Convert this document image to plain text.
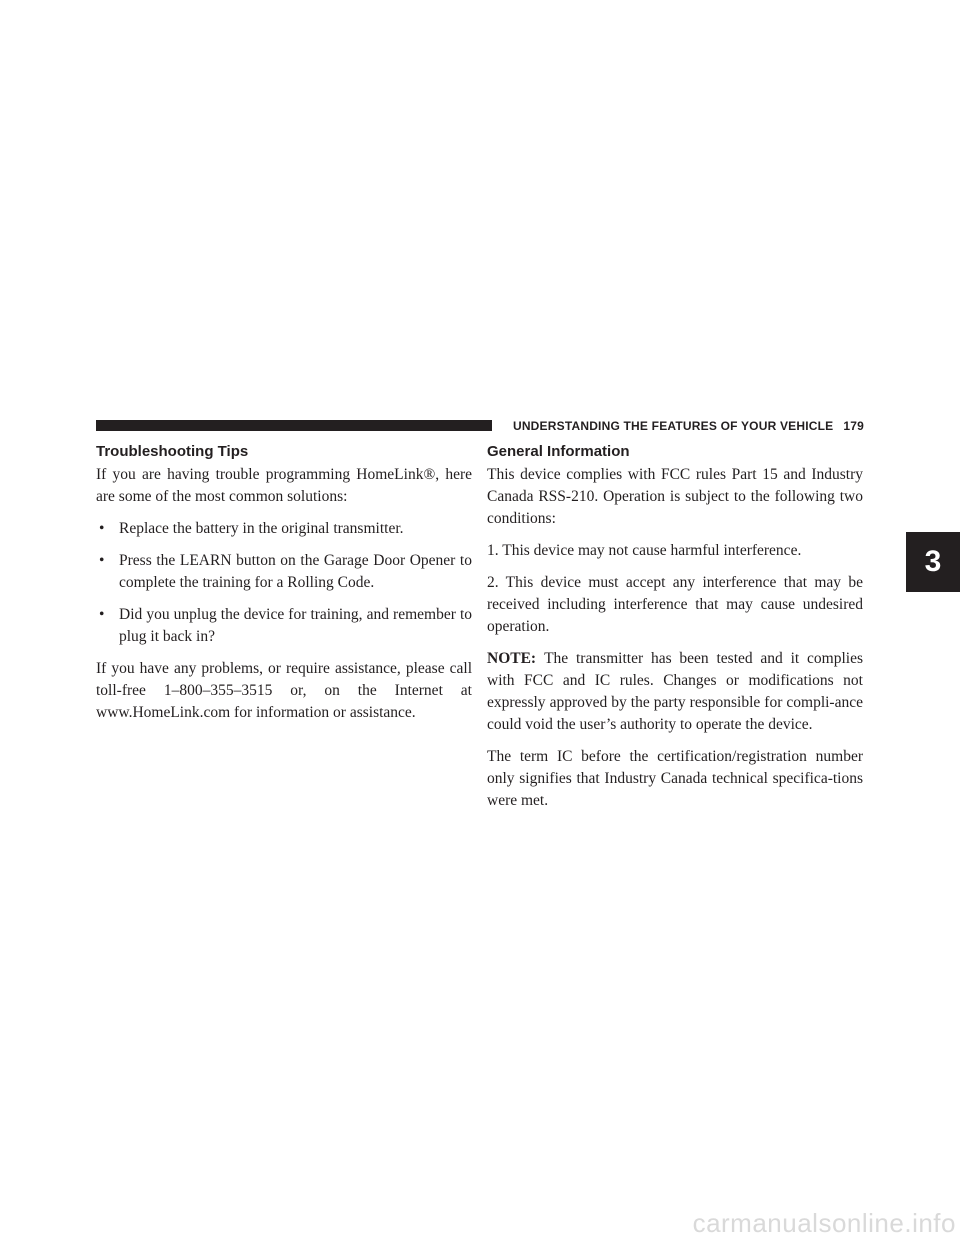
UNDERSTANDING THE FEATURES OF YOUR VEHICLE 179
Troubleshooting Tips

If you are having trouble programming HomeLink®, here are some of the most common solutions:

• Replace the battery in the original transmitter.
• Press the LEARN button on the Garage Door Opener to complete the training for a Rolling Code.
• Did you unplug the device for training, and remember to plug it back in?

If you have any problems, or require assistance, please call toll-free 1–800–355–3515 or, on the Internet at www.HomeLink.com for information or assistance.

General Information

This device complies with FCC rules Part 15 and Industry Canada RSS-210. Operation is subject to the following two conditions:

1. This device may not cause harmful interference.

2. This device must accept any interference that may be received including interference that may cause undesired operation.

NOTE: The transmitter has been tested and it complies with FCC and IC rules. Changes or modifications not expressly approved by the party responsible for compli-ance could void the user’s authority to operate the device.

The term IC before the certification/registration number only signifies that Industry Canada technical specifica-tions were met.

3
carmanualsonline.info
